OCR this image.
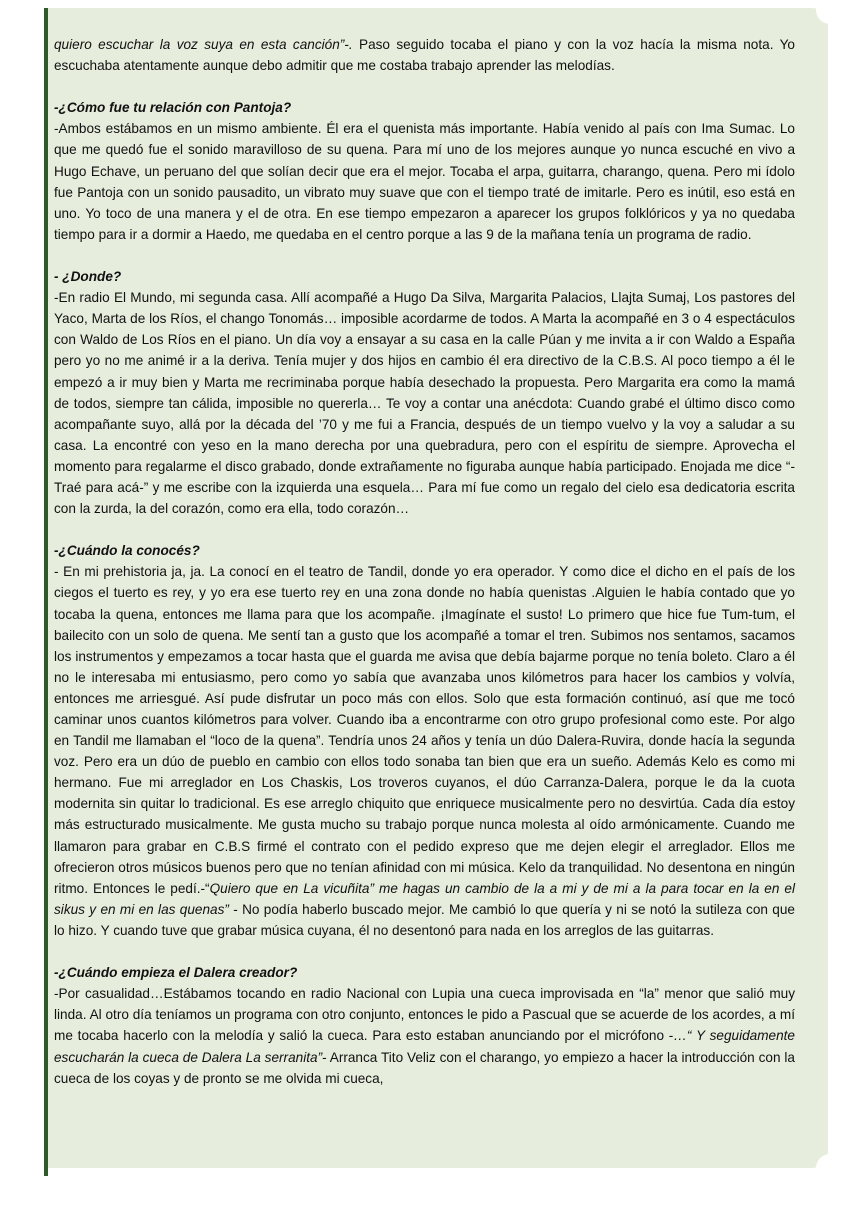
quiero escuchar la voz suya en esta canción”-. Paso seguido tocaba el piano y con la voz hacía la misma nota. Yo escuchaba atentamente aunque debo admitir que me costaba trabajo aprender las melodías.

-¿Cómo fue tu relación con Pantoja?

-Ambos estábamos en un mismo ambiente. Él era el quenista más importante. Había venido al país con Ima Sumac. Lo que me quedó fue el sonido maravilloso de su quena. Para mí uno de los mejores aunque yo nunca escuché en vivo a Hugo Echave, un peruano del que solían decir que era el mejor. Tocaba el arpa, guitarra, charango, quena. Pero mi ídolo fue Pantoja con un sonido pausadito, un vibrato muy suave que con el tiempo traté de imitarle. Pero es inútil, eso está en uno. Yo toco de una manera y el de otra. En ese tiempo empezaron a aparecer los grupos folklóricos y ya no quedaba tiempo para ir a dormir a Haedo, me quedaba en el centro porque a las 9 de la mañana tenía un programa de radio.

- ¿Donde?

-En radio El Mundo, mi segunda casa. Allí acompañé a Hugo Da Silva, Margarita Palacios, Llajta Sumaj, Los pastores del Yaco, Marta de los Ríos, el chango Tonomás… imposible acordarme de todos. A Marta la acompañé en 3 o 4 espectáculos con Waldo de Los Ríos en el piano. Un día voy a ensayar a su casa en la calle Púan y me invita a ir con Waldo a España pero yo no me animé ir a la deriva. Tenía mujer y dos hijos en cambio él era directivo de la C.B.S. Al poco tiempo a él le empezó a ir muy bien y Marta me recriminaba porque había desechado la propuesta. Pero Margarita era como la mamá de todos, siempre tan cálida, imposible no quererla… Te voy a contar una anécdota: Cuando grabé el último disco como acompañante suyo, allá por la década del ’70 y me fui a Francia, después de un tiempo vuelvo y la voy a saludar a su casa. La encontré con yeso en la mano derecha por una quebradura, pero con el espíritu de siempre. Aprovecha el momento para regalarme el disco grabado, donde extrañamente no figuraba aunque había participado. Enojada me dice “-Traé para acá-” y me escribe con la izquierda una esquela… Para mí fue como un regalo del cielo esa dedicatoria escrita con la zurda, la del corazón, como era ella, todo corazón…

-¿Cuándo la conocés?

- En mi prehistoria ja, ja. La conocí en el teatro de Tandil, donde yo era operador. Y como dice el dicho en el país de los ciegos el tuerto es rey, y yo era ese tuerto rey en una zona donde no había quenistas .Alguien le había contado que yo tocaba la quena, entonces me llama para que los acompañe. ¡Imagínate el susto! Lo primero que hice fue Tum-tum, el bailecito con un solo de quena. Me sentí tan a gusto que los acompañé a tomar el tren. Subimos nos sentamos, sacamos los instrumentos y empezamos a tocar hasta que el guarda me avisa que debía bajarme porque no tenía boleto. Claro a él no le interesaba mi entusiasmo, pero como yo sabía que avanzaba unos kilómetros para hacer los cambios y volvía, entonces me arriesgué. Así pude disfrutar un poco más con ellos. Solo que esta formación continuó, así que me tocó caminar unos cuantos kilómetros para volver. Cuando iba a encontrarme con otro grupo profesional como este. Por algo en Tandil me llamaban el “loco de la quena”. Tendría unos 24 años y tenía un dúo Dalera-Ruvira, donde hacía la segunda voz. Pero era un dúo de pueblo en cambio con ellos todo sonaba tan bien que era un sueño. Además Kelo es como mi hermano. Fue mi arreglador en Los Chaskis, Los troveros cuyanos, el dúo Carranza-Dalera, porque le da la cuota modernita sin quitar lo tradicional. Es ese arreglo chiquito que enriquece musicalmente pero no desvirtúa. Cada día estoy más estructurado musicalmente. Me gusta mucho su trabajo porque nunca molesta al oído armónicamente. Cuando me llamaron para grabar en C.B.S firmé el contrato con el pedido expreso que me dejen elegir el arreglador. Ellos me ofrecieron otros músicos buenos pero que no tenían afinidad con mi música. Kelo da tranquilidad. No desentona en ningún ritmo. Entonces le pedí.-“Quiero que en La vicuñita” me hagas un cambio de la a mi y de mi a la para tocar en la en el sikus y en mi en las quenas” - No podía haberlo buscado mejor. Me cambió lo que quería y ni se notó la sutileza con que lo hizo. Y cuando tuve que grabar música cuyana, él no desentonó para nada en los arreglos de las guitarras.

-¿Cuándo empieza el Dalera creador?

-Por casualidad…Estábamos tocando en radio Nacional con Lupia una cueca improvisada en “la” menor que salió muy linda. Al otro día teníamos un programa con otro conjunto, entonces le pido a Pascual que se acuerde de los acordes, a mí me tocaba hacerlo con la melodía y salió la cueca. Para esto estaban anunciando por el micrófono -…“ Y seguidamente escucharán la cueca de Dalera La serranita”- Arranca Tito Veliz con el charango, yo empiezo a hacer la introducción con la cueca de los coyas y de pronto se me olvida mi cueca,
